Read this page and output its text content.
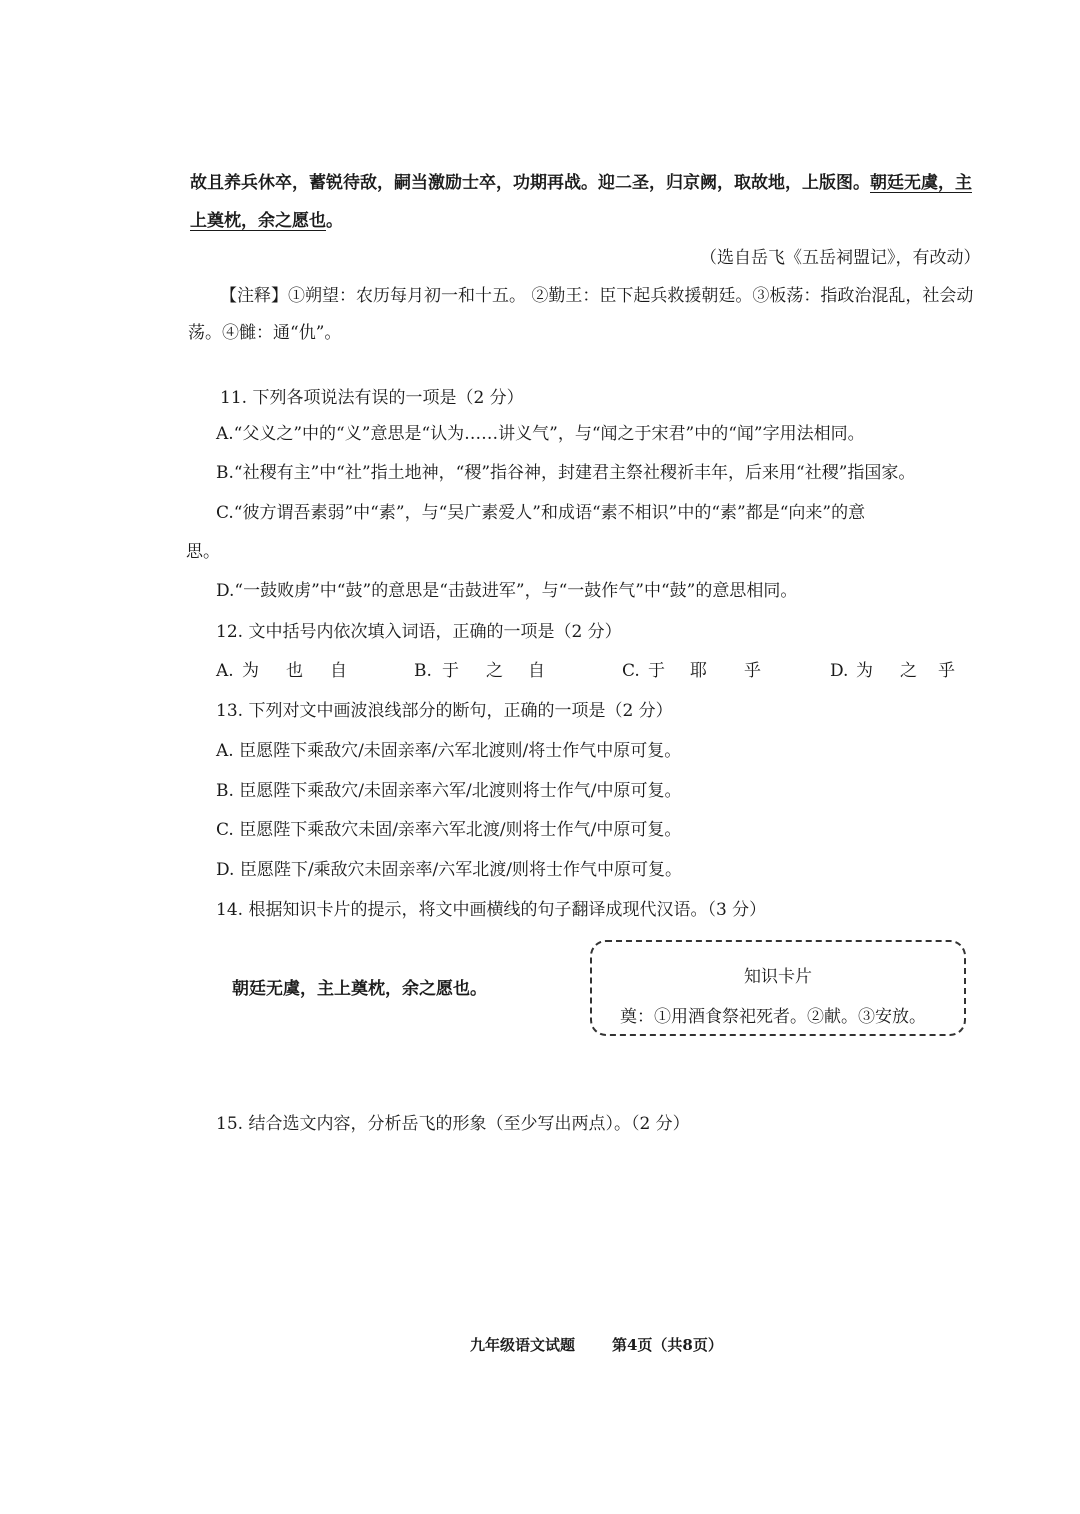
故且养兵休卒，蓄锐待敌，嗣当激励士卒，功期再战。迎二圣，归京阙，取故地，上版图。朝廷无虞，主
上奠枕，余之愿也。
（选自岳飞《五岳祠盟记》，有改动）
【注释】①朔望：农历每月初一和十五。 ②勤王：臣下起兵救援朝廷。③板荡：指政治混乱，社会动
荡。④雠：通“仇”。
11. 下列各项说法有误的一项是（2 分）
A.“父义之”中的“义”意思是“认为……讲义气”，与“闻之于宋君”中的“闻”字用法相同。
B.“社稷有主”中“社”指土地神，“稷”指谷神，封建君主祭社稷祈丰年，后来用“社稷”指国家。
C.“彼方谓吾素弱”中“素”，与“吴广素爱人”和成语“素不相识”中的“素”都是“向来”的意
思。
D.“一鼓败虏”中“鼓”的意思是“击鼓进军”，与“一鼓作气”中“鼓”的意思相同。
12. 文中括号内依次填入词语，正确的一项是（2 分）
A. 为 也 自	B. 于 之 自	C. 于 耶 乎	D. 为 之 乎
13. 下列对文中画波浪线部分的断句，正确的一项是（2 分）
A. 臣愿陛下乘敌穴/未固亲率/六军北渡则/将士作气中原可复。
B. 臣愿陛下乘敌穴/未固亲率六军/北渡则将士作气/中原可复。
C. 臣愿陛下乘敌穴未固/亲率六军北渡/则将士作气/中原可复。
D. 臣愿陛下/乘敌穴未固亲率/六军北渡/则将士作气中原可复。
14. 根据知识卡片的提示，将文中画横线的句子翻译成现代汉语。（3 分）
朝廷无虞，主上奠枕，余之愿也。
知识卡片
奠：①用酒食祭祀死者。②献。③安放。
15. 结合选文内容，分析岳飞的形象（至少写出两点）。（2 分）
九年级语文试题 第4页（共8页）
